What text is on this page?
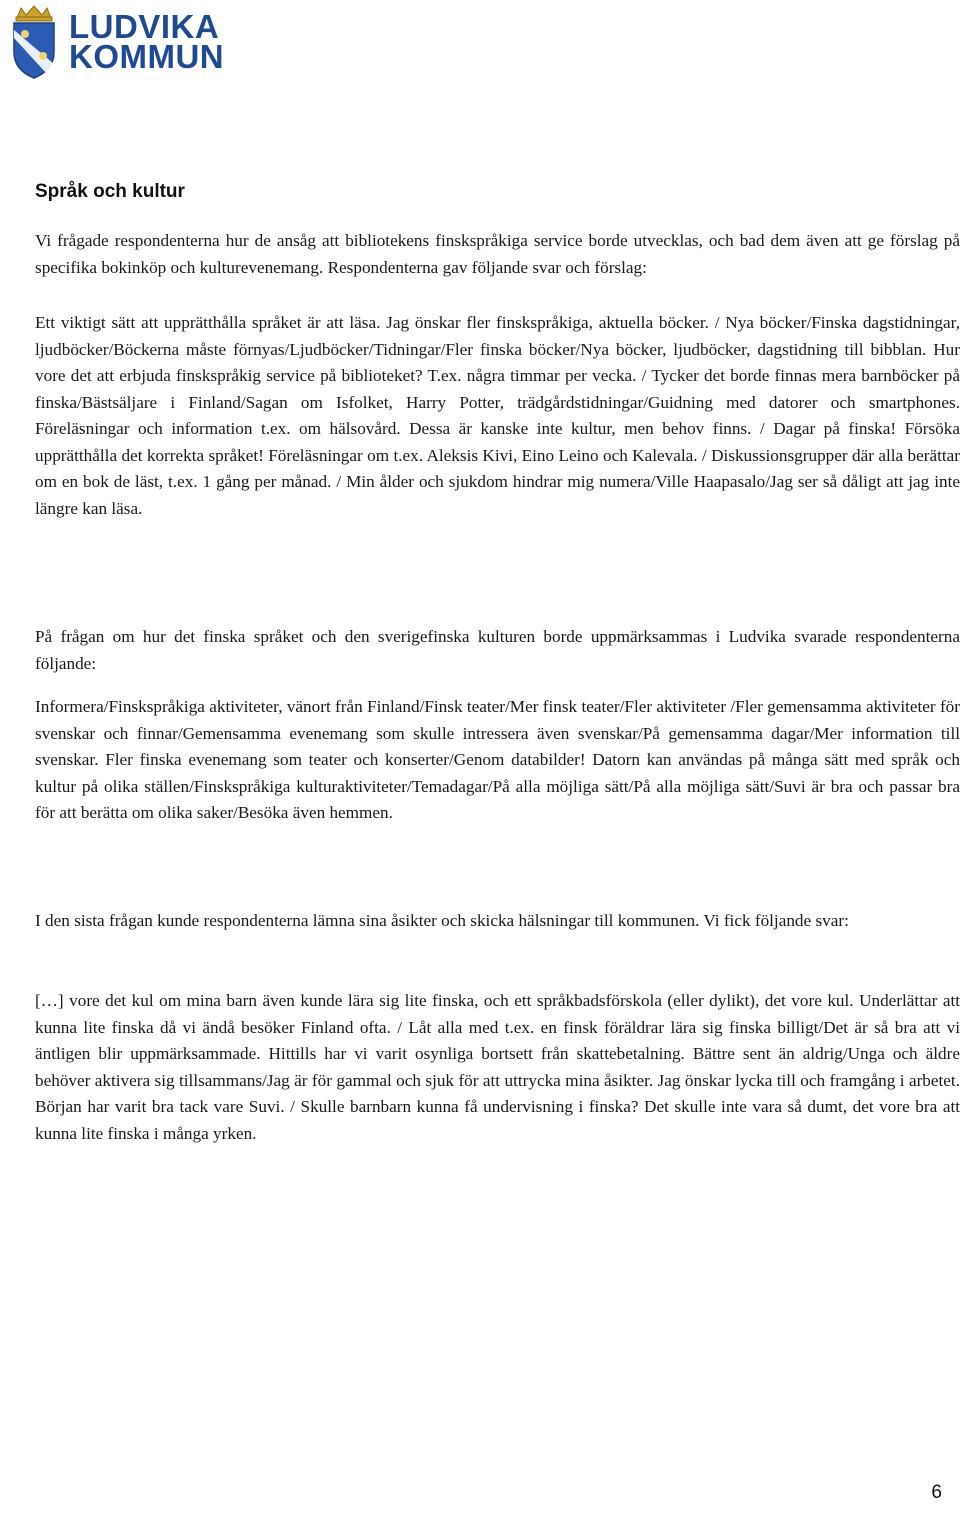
LUDVIKA
KOMMUN
Språk och kultur

Vi frågade respondenterna hur de ansåg att bibliotekens finskspråkiga service borde utvecklas, och bad dem även att ge förslag på specifika bokinköp och kulturevenemang. Respondenterna gav följande svar och förslag:

Ett viktigt sätt att upprätthålla språket är att läsa. Jag önskar fler finskspråkiga, aktuella böcker. / Nya böcker/Finska dagstidningar, ljudböcker/Böckerna måste förnyas/Ljudböcker/Tidningar/Fler finska böcker/Nya böcker, ljudböcker, dagstidning till bibblan. Hur vore det att erbjuda finskspråkig service på biblioteket? T.ex. några timmar per vecka. / Tycker det borde finnas mera barnböcker på finska/Bästsäljare i Finland/Sagan om Isfolket, Harry Potter, trädgårdstidningar/Guidning med datorer och smartphones. Föreläsningar och information t.ex. om hälsovård. Dessa är kanske inte kultur, men behov finns. / Dagar på finska! Försöka upprätthålla det korrekta språket! Föreläsningar om t.ex. Aleksis Kivi, Eino Leino och Kalevala. / Diskussionsgrupper där alla berättar om en bok de läst, t.ex. 1 gång per månad. / Min ålder och sjukdom hindrar mig numera/Ville Haapasalo/Jag ser så dåligt att jag inte längre kan läsa.

På frågan om hur det finska språket och den sverigefinska kulturen borde uppmärksammas i Ludvika svarade respondenterna följande:

Informera/Finskspråkiga aktiviteter, vänort från Finland/Finsk teater/Mer finsk teater/Fler aktiviteter /Fler gemensamma aktiviteter för svenskar och finnar/Gemensamma evenemang som skulle intressera även svenskar/På gemensamma dagar/Mer information till svenskar. Fler finska evenemang som teater och konserter/Genom databilder! Datorn kan användas på många sätt med språk och kultur på olika ställen/Finskspråkiga kulturaktiviteter/Temadagar/På alla möjliga sätt/På alla möjliga sätt/Suvi är bra och passar bra för att berätta om olika saker/Besöka även hemmen.

I den sista frågan kunde respondenterna lämna sina åsikter och skicka hälsningar till kommunen. Vi fick följande svar:

[…] vore det kul om mina barn även kunde lära sig lite finska, och ett språkbadsförskola (eller dylikt), det vore kul. Underlättar att kunna lite finska då vi ändå besöker Finland ofta. / Låt alla med t.ex. en finsk föräldrar lära sig finska billigt/Det är så bra att vi äntligen blir uppmärksammade. Hittills har vi varit osynliga bortsett från skattebetalning. Bättre sent än aldrig/Unga och äldre behöver aktivera sig tillsammans/Jag är för gammal och sjuk för att uttrycka mina åsikter. Jag önskar lycka till och framgång i arbetet. Början har varit bra tack vare Suvi. / Skulle barnbarn kunna få undervisning i finska? Det skulle inte vara så dumt, det vore bra att kunna lite finska i många yrken.

6
